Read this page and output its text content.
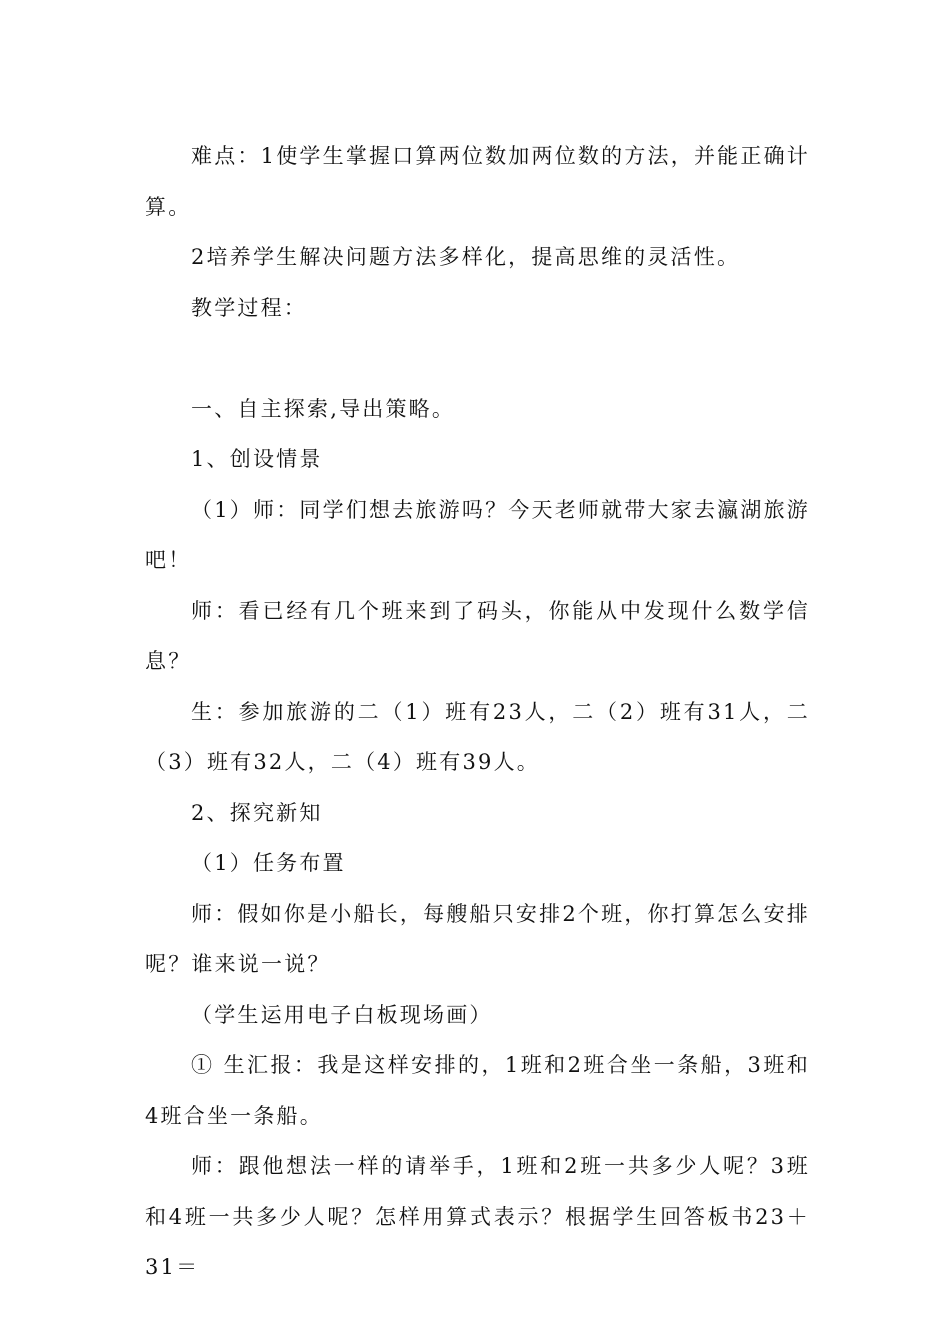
难点：1使学生掌握口算两位数加两位数的方法，并能正确计算。

2培养学生解决问题方法多样化，提高思维的灵活性。

教学过程：

一、自主探索,导出策略。

1、创设情景

（1）师：同学们想去旅游吗？今天老师就带大家去瀛湖旅游吧！

师：看已经有几个班来到了码头，你能从中发现什么数学信息？

生：参加旅游的二（1）班有23人，二（2）班有31人，二（3）班有32人，二（4）班有39人。

2、探究新知

（1）任务布置

师：假如你是小船长，每艘船只安排2个班，你打算怎么安排呢？谁来说一说？

（学生运用电子白板现场画）

① 生汇报：我是这样安排的，1班和2班合坐一条船，3班和4班合坐一条船。

师：跟他想法一样的请举手，1班和2班一共多少人呢？3班和4班一共多少人呢？怎样用算式表示？根据学生回答板书23＋31＝
